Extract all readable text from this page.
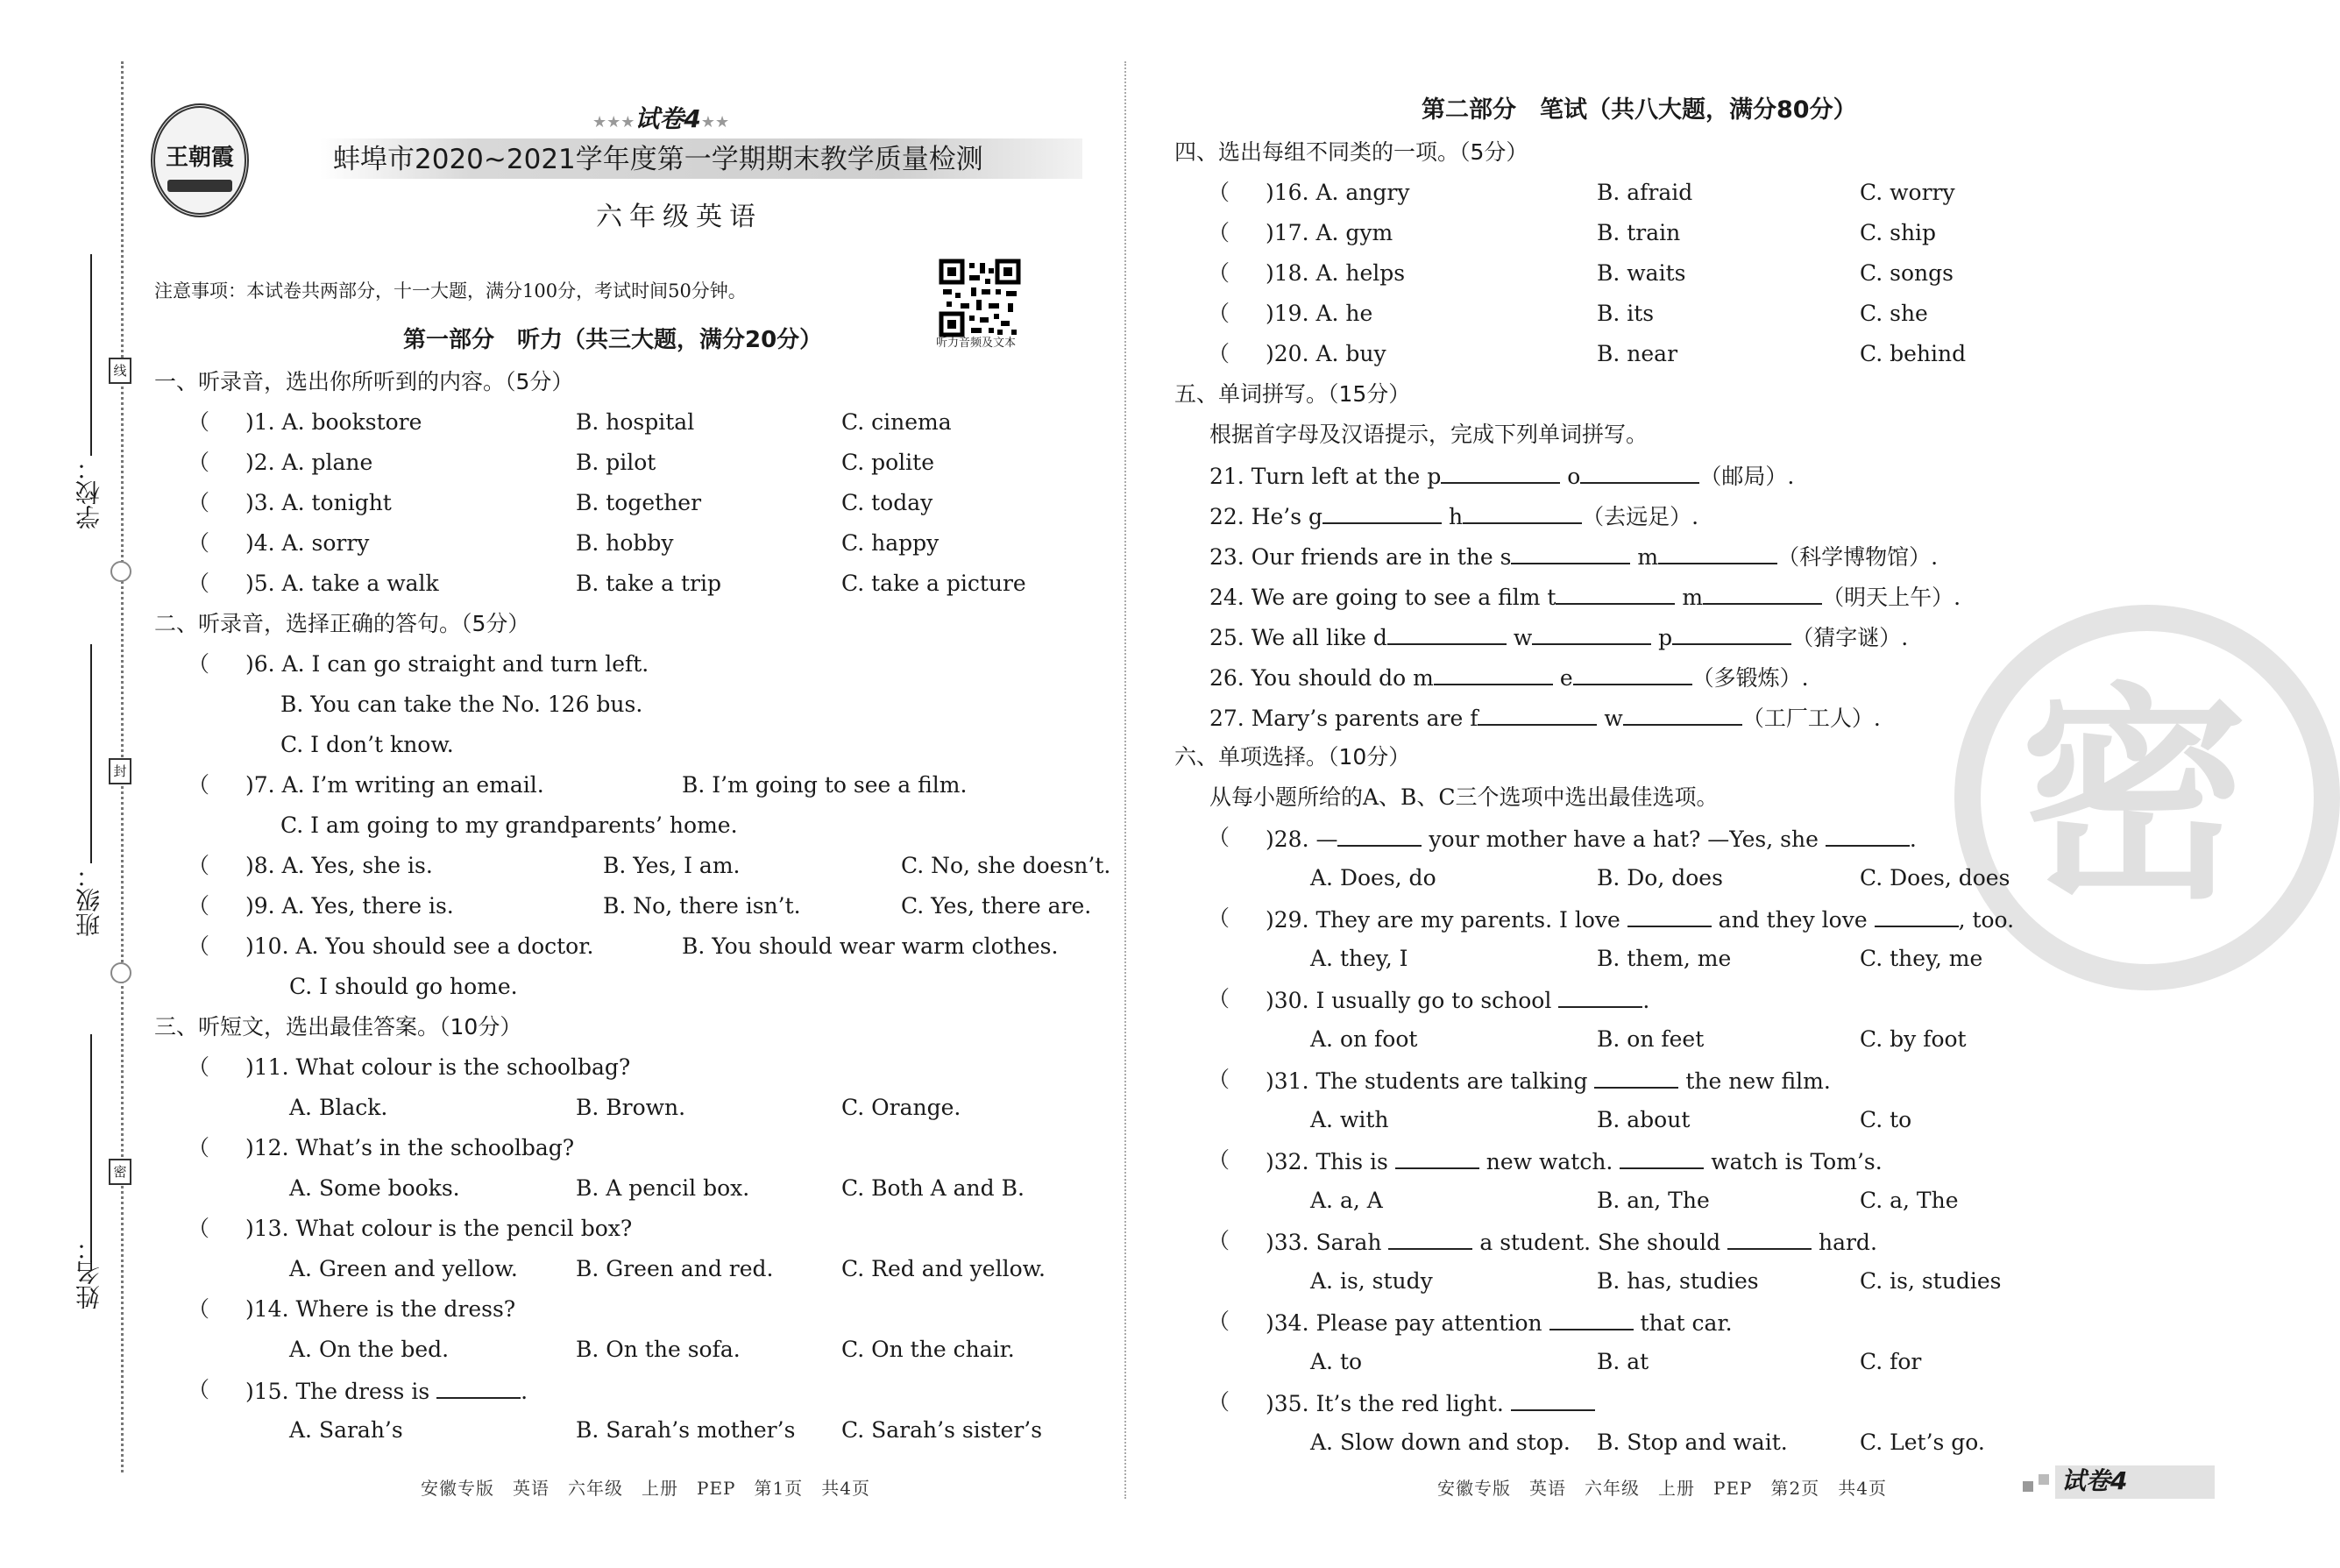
学校：
班级：
姓名：
线
封
密
王朝霞
★★★试卷4★★
蚌埠市2020~2021学年度第一学期期末教学质量检测
六年级英语
注意事项：本试卷共两部分，十一大题，满分100分，考试时间50分钟。
听力音频及文本
第一部分　听力（共三大题，满分20分）
一、听录音，选出你所听到的内容。（5分）
（ )1. A. bookstore	B. hospital	C. cinema
（ )2. A. plane	B. pilot	C. polite
（ )3. A. tonight	B. together	C. today
（ )4. A. sorry	B. hobby	C. happy
（ )5. A. take a walk	B. take a trip	C. take a picture
二、听录音，选择正确的答句。（5分）
（ )6. A. I can go straight and turn left.
B. You can take the No. 126 bus.
C. I don’t know.
（ )7. A. I’m writing an email.	B. I’m going to see a film.
C. I am going to my grandparents’ home.
（ )8. A. Yes, she is.	B. Yes, I am.	C. No, she doesn’t.
（ )9. A. Yes, there is.	B. No, there isn’t.	C. Yes, there are.
（ )10. A. You should see a doctor.	B. You should wear warm clothes.
C. I should go home.
三、听短文，选出最佳答案。（10分）
（ )11. What colour is the schoolbag?
A. Black.	B. Brown.	C. Orange.
（ )12. What’s in the schoolbag?
A. Some books.	B. A pencil box.	C. Both A and B.
（ )13. What colour is the pencil box?
A. Green and yellow.	B. Green and red.	C. Red and yellow.
（ )14. Where is the dress?
A. On the bed.	B. On the sofa.	C. On the chair.
（ )15. The dress is	.
A. Sarah’s	B. Sarah’s mother’s C. Sarah’s sister’s
安徽专版　英语　六年级　上册　PEP　第1页　共4页
密
第二部分　笔试（共八大题，满分80分）
四、选出每组不同类的一项。（5分）
（ )16. A. angry	B. afraid	C. worry
（ )17. A. gym	B. train	C. ship
（ )18. A. helps	B. waits	C. songs
（ )19. A. he	B. its	C. she
（ )20. A. buy	B. near	C. behind
五、单词拼写。（15分）
根据首字母及汉语提示，完成下列单词拼写。
21. Turn left at the p	o	（邮局）.
22. He’s g	h	（去远足）.
23. Our friends are in the s	m	（科学博物馆）.
24. We are going to see a film t	m	（明天上午）.
25. We all like d	w	p	（猜字谜）.
26. You should do m	e	（多锻炼）.
27. Mary’s parents are f	w	（工厂工人）.
六、单项选择。（10分）
从每小题所给的A、B、C三个选项中选出最佳选项。
（ )28. —	your mother have a hat? —Yes, she	.
A. Does, do	B. Do, does	C. Does, does
（ )29. They are my parents. I love	and they love	, too.
A. they, I	B. them, me	C. they, me
（ )30. I usually go to school	.
A. on foot	B. on feet	C. by foot
（ )31. The students are talking	the new film.
A. with	B. about	C. to
（ )32. This is	new watch.	watch is Tom’s.
A. a, A	B. an, The	C. a, The
（ )33. Sarah	a student. She should	hard.
A. is, study	B. has, studies	C. is, studies
（ )34. Please pay attention	that car.
A. to	B. at	C. for
（ )35. It’s the red light.
A. Slow down and stop. B. Stop and wait.	C. Let’s go.
安徽专版　英语　六年级　上册　PEP　第2页　共4页	试卷4
